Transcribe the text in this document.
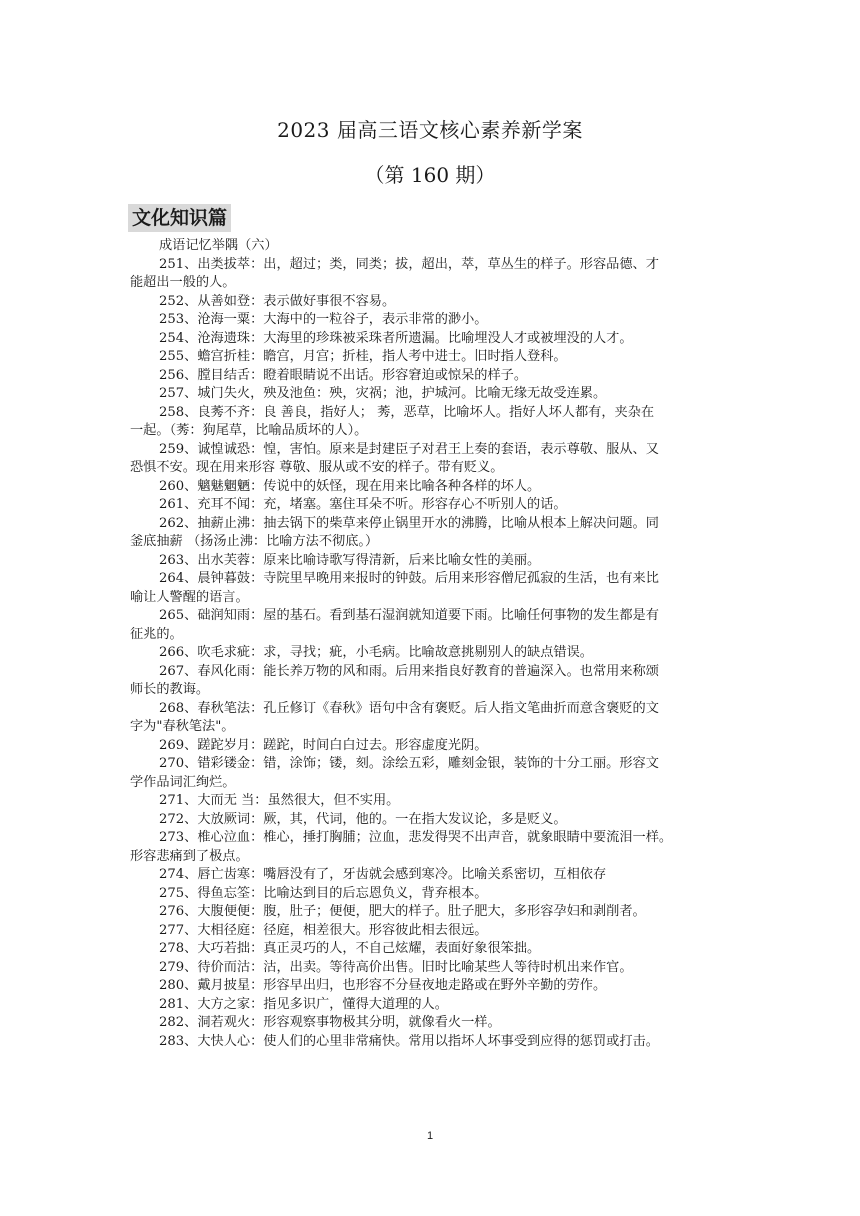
2023 届高三语文核心素养新学案
（第 160 期）
文化知识篇
成语记忆举隅（六）
251、出类拔萃：出，超过；类，同类；拔，超出，萃，草丛生的样子。形容品德、才
能超出一般的人。
252、从善如登：表示做好事很不容易。
253、沧海一粟：大海中的一粒谷子，表示非常的渺小。
254、沧海遗珠：大海里的珍珠被采珠者所遗漏。比喻埋没人才或被埋没的人才。
255、蟾宫折桂：瞻宫，月宫；折桂，指人考中进士。旧时指人登科。
256、膛目结舌：瞪着眼睛说不出话。形容窘迫或惊呆的样子。
257、城门失火，殃及池鱼：殃，灾祸；池，护城河。比喻无缘无故受连累。
258、良莠不齐：良 善良，指好人； 莠，恶草，比喻坏人。指好人坏人都有，夹杂在
一起。（莠：狗尾草，比喻品质坏的人）。
259、诚惶诚恐：惶，害怕。原来是封建臣子对君王上奏的套语，表示尊敬、服从、又
恐惧不安。现在用来形容 尊敬、服从或不安的样子。带有贬义。
260、魑魅魍魉：传说中的妖怪，现在用来比喻各种各样的坏人。
261、充耳不闻：充，堵塞。塞住耳朵不听。形容存心不听别人的话。
262、抽薪止沸：抽去锅下的柴草来停止锅里开水的沸腾，比喻从根本上解决问题。同
釜底抽薪 （扬汤止沸：比喻方法不彻底。）
263、出水芙蓉：原来比喻诗歌写得清新，后来比喻女性的美丽。
264、晨钟暮鼓：寺院里早晚用来报时的钟鼓。后用来形容僧尼孤寂的生活，也有来比
喻让人警醒的语言。
265、础润知雨：屋的基石。看到基石湿润就知道要下雨。比喻任何事物的发生都是有
征兆的。
266、吹毛求疵：求，寻找；疵，小毛病。比喻故意挑剔别人的缺点错误。
267、春风化雨：能长养万物的风和雨。后用来指良好教育的普遍深入。也常用来称颂
师长的教诲。
268、春秋笔法：孔丘修订《春秋》语句中含有褒贬。后人指文笔曲折而意含褒贬的文
字为"春秋笔法"。
269、蹉跎岁月：蹉跎，时间白白过去。形容虚度光阴。
270、错彩镂金：错，涂饰；镂，刻。涂绘五彩，雕刻金银，装饰的十分工丽。形容文
学作品词汇绚烂。
271、大而无 当：虽然很大，但不实用。
272、大放厥词：厥，其，代词，他的。一在指大发议论，多是贬义。
273、椎心泣血：椎心，捶打胸脯；泣血，悲发得哭不出声音，就象眼睛中要流泪一样。
形容悲痛到了极点。
274、唇亡齿寒：嘴唇没有了，牙齿就会感到寒冷。比喻关系密切，互相依存
275、得鱼忘筌：比喻达到目的后忘恩负义，背弃根本。
276、大腹便便：腹，肚子；便便，肥大的样子。肚子肥大，多形容孕妇和剥削者。
277、大相径庭：径庭，相差很大。形容彼此相去很远。
278、大巧若拙：真正灵巧的人，不自己炫耀，表面好象很笨拙。
279、待价而沽：沽，出卖。等待高价出售。旧时比喻某些人等待时机出来作官。
280、戴月披星：形容早出归，也形容不分昼夜地走路或在野外辛勤的劳作。
281、大方之家：指见多识广，懂得大道理的人。
282、洞若观火：形容观察事物极其分明，就像看火一样。
283、大快人心：使人们的心里非常痛快。常用以指坏人坏事受到应得的惩罚或打击。
1
